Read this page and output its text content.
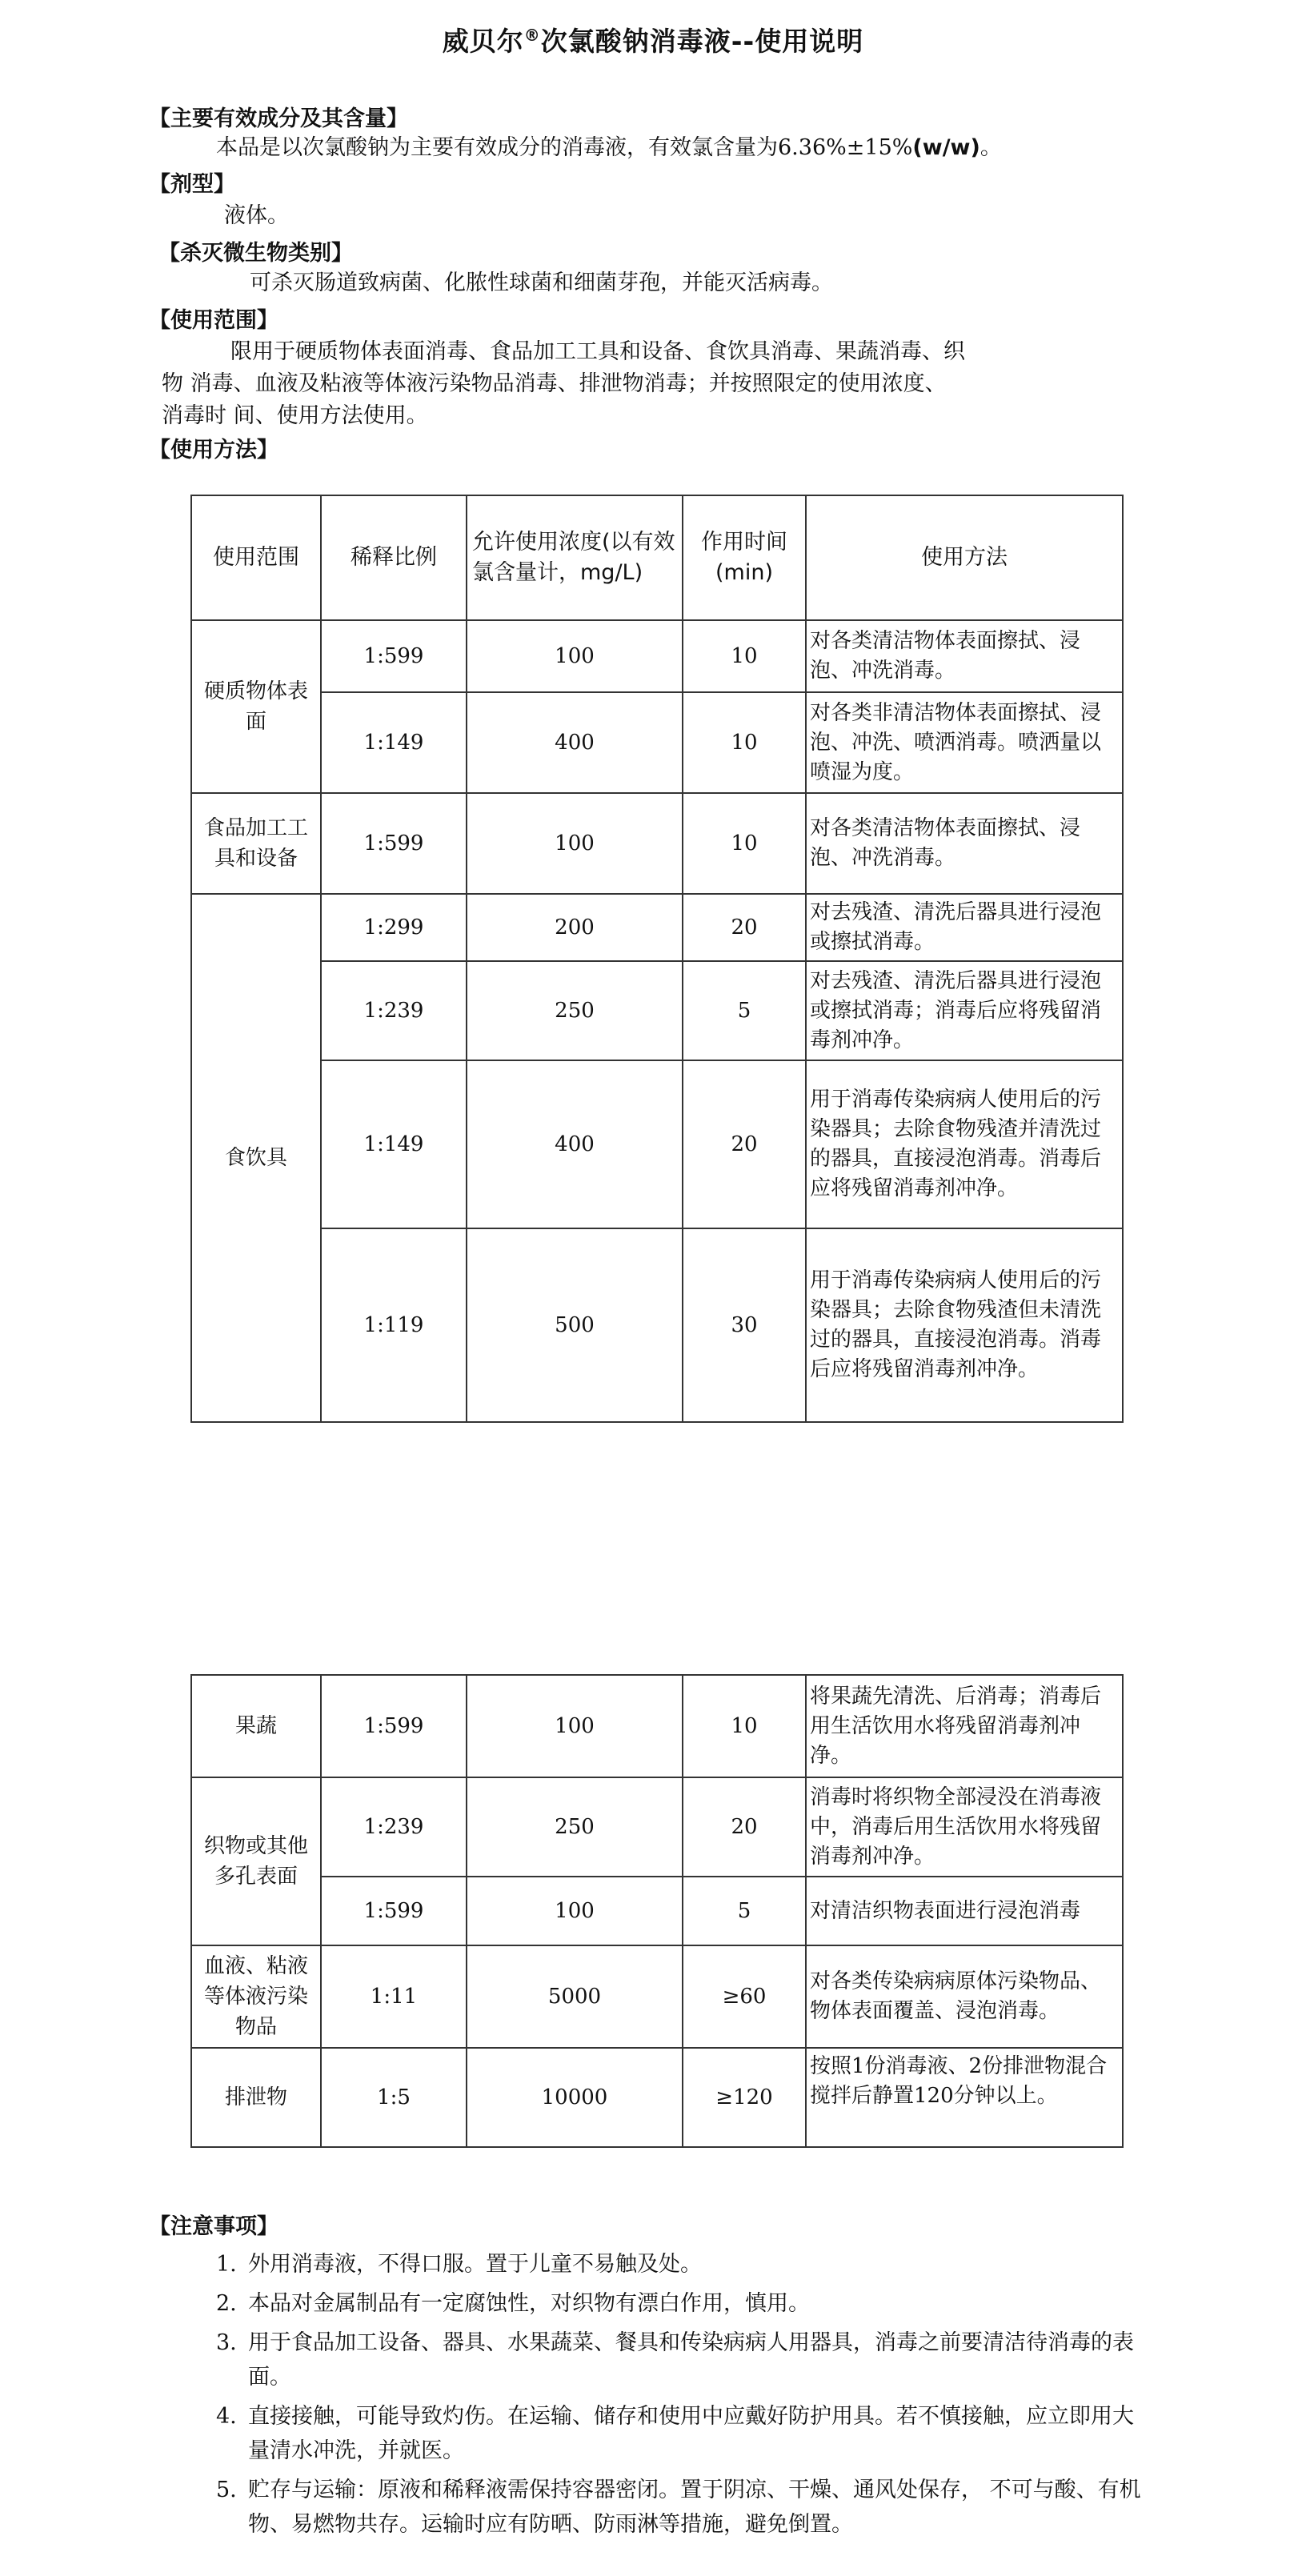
威贝尔®次氯酸钠消毒液--使用说明
【主要有效成分及其含量】
本品是以次氯酸钠为主要有效成分的消毒液，有效氯含量为6.36%±15%(w/w)。
【剂型】
液体。
【杀灭微生物类别】
可杀灭肠道致病菌、化脓性球菌和细菌芽孢，并能灭活病毒。
【使用范围】
限用于硬质物体表面消毒、食品加工工具和设备、食饮具消毒、果蔬消毒、织
物 消毒、血液及粘液等体液污染物品消毒、排泄物消毒；并按照限定的使用浓度、
消毒时 间、使用方法使用。
【使用方法】
使用范围	稀释比例	允许使用浓度(以有效氯含量计，mg/L)	作用时间(min)	使用方法
硬质物体表面	1:599	100	10	对各类清洁物体表面擦拭、浸泡、冲洗消毒。
	1:149	400	10	对各类非清洁物体表面擦拭、浸泡、冲洗、喷洒消毒。喷洒量以喷湿为度。
食品加工工具和设备	1:599	100	10	对各类清洁物体表面擦拭、浸泡、冲洗消毒。
食饮具	1:299	200	20	对去残渣、清洗后器具进行浸泡或擦拭消毒。
	1:239	250	5	对去残渣、清洗后器具进行浸泡或擦拭消毒；消毒后应将残留消毒剂冲净。
	1:149	400	20	用于消毒传染病病人使用后的污染器具；去除食物残渣并清洗过的器具，直接浸泡消毒。消毒后应将残留消毒剂冲净。
	1:119	500	30	用于消毒传染病病人使用后的污染器具；去除食物残渣但未清洗过的器具，直接浸泡消毒。消毒后应将残留消毒剂冲净。
果蔬	1:599	100	10	将果蔬先清洗、后消毒；消毒后用生活饮用水将残留消毒剂冲净。
织物或其他多孔表面	1:239	250	20	消毒时将织物全部浸没在消毒液中，消毒后用生活饮用水将残留消毒剂冲净。
	1:599	100	5	对清洁织物表面进行浸泡消毒
血液、粘液等体液污染物品	1:11	5000	≥60	对各类传染病病原体污染物品、物体表面覆盖、浸泡消毒。
排泄物	1:5	10000	≥120	按照1份消毒液、2份排泄物混合搅拌后静置120分钟以上。
【注意事项】
1. 外用消毒液，不得口服。置于儿童不易触及处。
2. 本品对金属制品有一定腐蚀性，对织物有漂白作用，慎用。
3. 用于食品加工设备、器具、水果蔬菜、餐具和传染病病人用器具，消毒之前要清洁待消毒的表面。
4. 直接接触，可能导致灼伤。在运输、储存和使用中应戴好防护用具。若不慎接触，应立即用大量清水冲洗，并就医。
5. 贮存与运输：原液和稀释液需保持容器密闭。置于阴凉、干燥、通风处保存， 不可与酸、有机物、易燃物共存。运输时应有防晒、防雨淋等措施，避免倒置。
